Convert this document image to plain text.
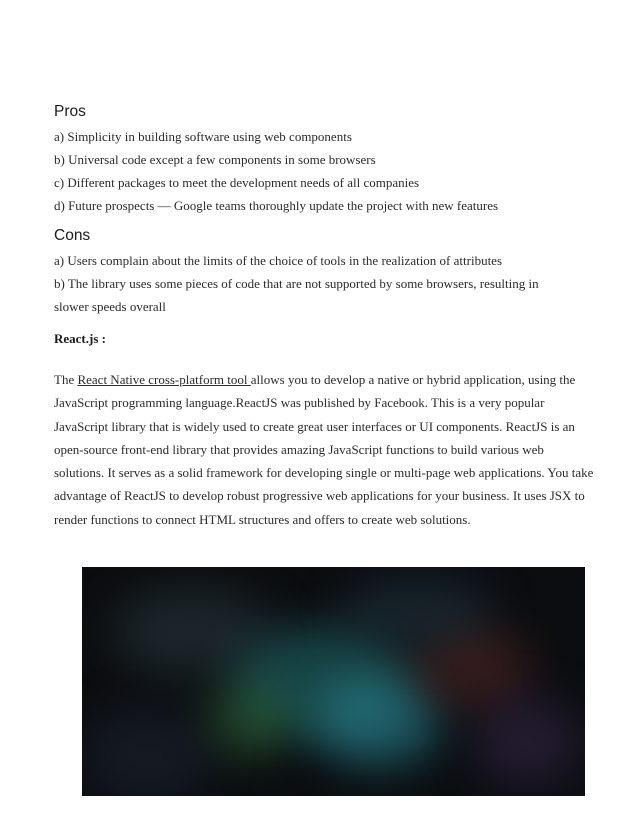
Pros
a) Simplicity in building software using web components
b) Universal code except a few components in some browsers
c) Different packages to meet the development needs of all companies
d) Future prospects — Google teams thoroughly update the project with new features
Cons
a) Users complain about the limits of the choice of tools in the realization of attributes
b) The library uses some pieces of code that are not supported by some browsers, resulting in slower speeds overall

React.js :

The React Native cross-platform tool allows you to develop a native or hybrid application, using the JavaScript programming language.ReactJS was published by Facebook. This is a very popular JavaScript library that is widely used to create great user interfaces or UI components. ReactJS is an open-source front-end library that provides amazing JavaScript functions to build various web solutions. It serves as a solid framework for developing single or multi-page web applications. You take advantage of ReactJS to develop robust progressive web applications for your business. It uses JSX to render functions to connect HTML structures and offers to create web solutions.
